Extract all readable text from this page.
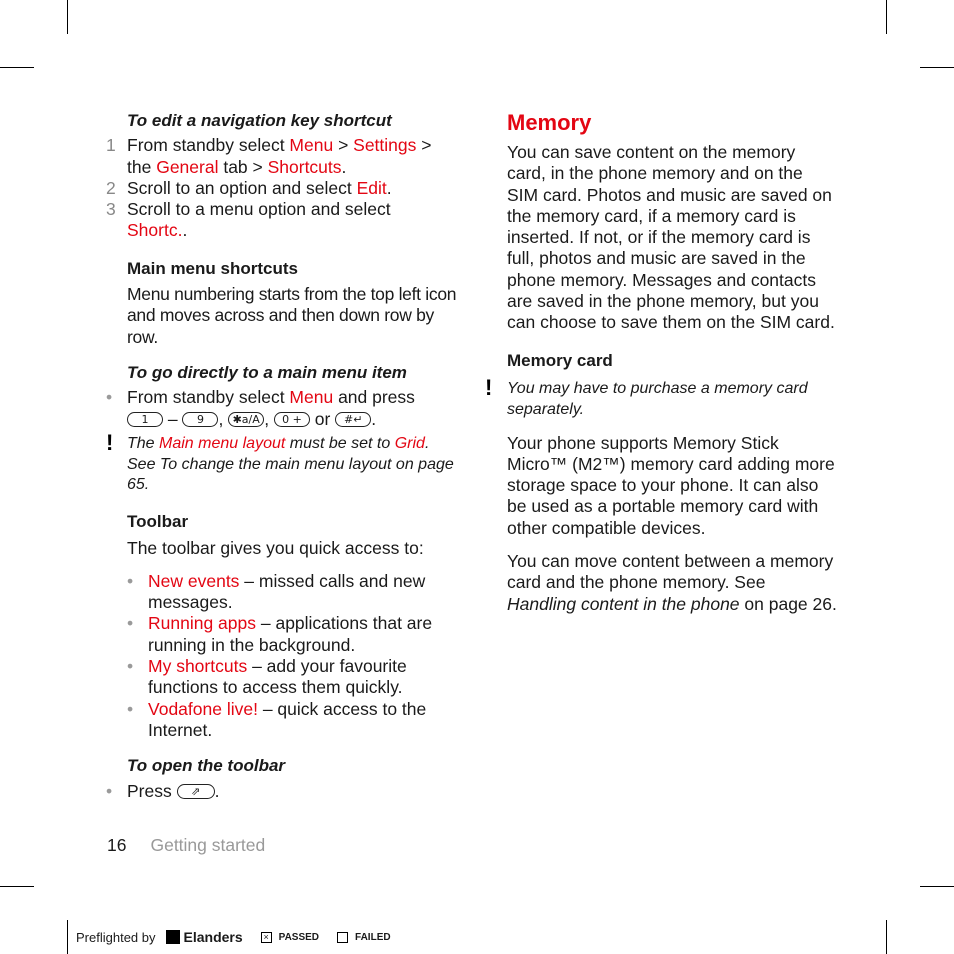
To edit a navigation key shortcut

1 From standby select Menu > Settings >
the General tab > Shortcuts.
2 Scroll to an option and select Edit.
3 Scroll to a menu option and select
Shortc..

Main menu shortcuts

Menu numbering starts from the top left icon and moves across and then down row by row.

To go directly to a main menu item

• From standby select Menu and press
1 – 9 , ✱a/A , 0 + or #↵ .
! The Main menu layout must be set to Grid. See To change the main menu layout on page 65.

Toolbar

The toolbar gives you quick access to:

• New events – missed calls and new messages.
• Running apps – applications that are running in the background.
• My shortcuts – add your favourite functions to access them quickly.
• Vodafone live! – quick access to the Internet.

To open the toolbar

• Press ⇗ .

Memory

You can save content on the memory card, in the phone memory and on the SIM card. Photos and music are saved on the memory card, if a memory card is inserted. If not, or if the memory card is full, photos and music are saved in the phone memory. Messages and contacts are saved in the phone memory, but you can choose to save them on the SIM card.

Memory card

! You may have to purchase a memory card separately.

Your phone supports Memory Stick Micro™ (M2™) memory card adding more storage space to your phone. It can also be used as a portable memory card with other compatible devices.

You can move content between a memory card and the phone memory. See Handling content in the phone on page 26.

16 Getting started
Preflighted by Elanders	× PASSED	FAILED
